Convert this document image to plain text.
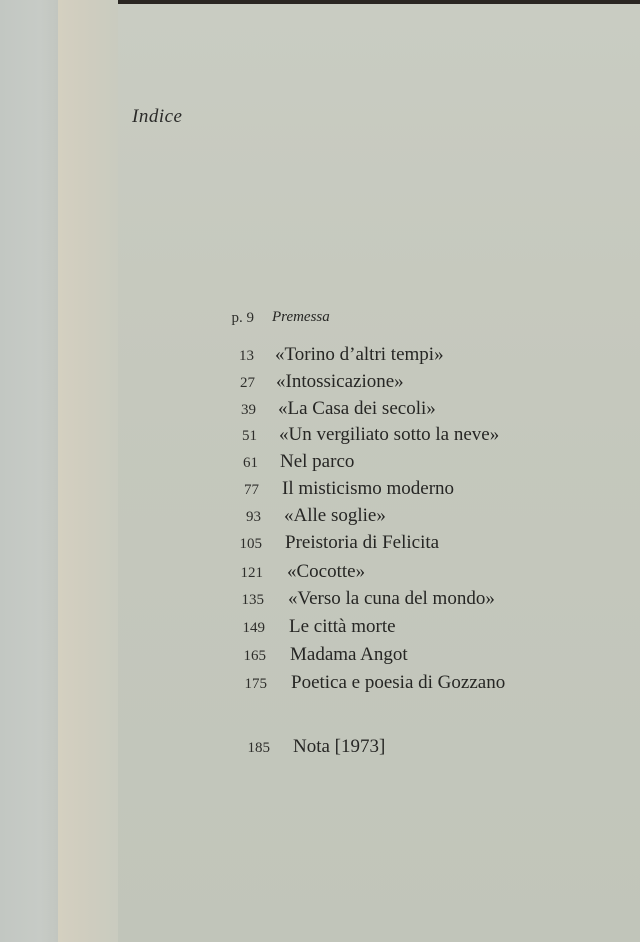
Indice
p. 9 Premessa
13 «Torino d’altri tempi»
27 «Intossicazione»
39 «La Casa dei secoli»
51 «Un vergiliato sotto la neve»
61 Nel parco
77 Il misticismo moderno
93 «Alle soglie»
105 Preistoria di Felicita
121 «Cocotte»
135 «Verso la cuna del mondo»
149 Le città morte
165 Madama Angot
175 Poetica e poesia di Gozzano
185 Nota [1973]
